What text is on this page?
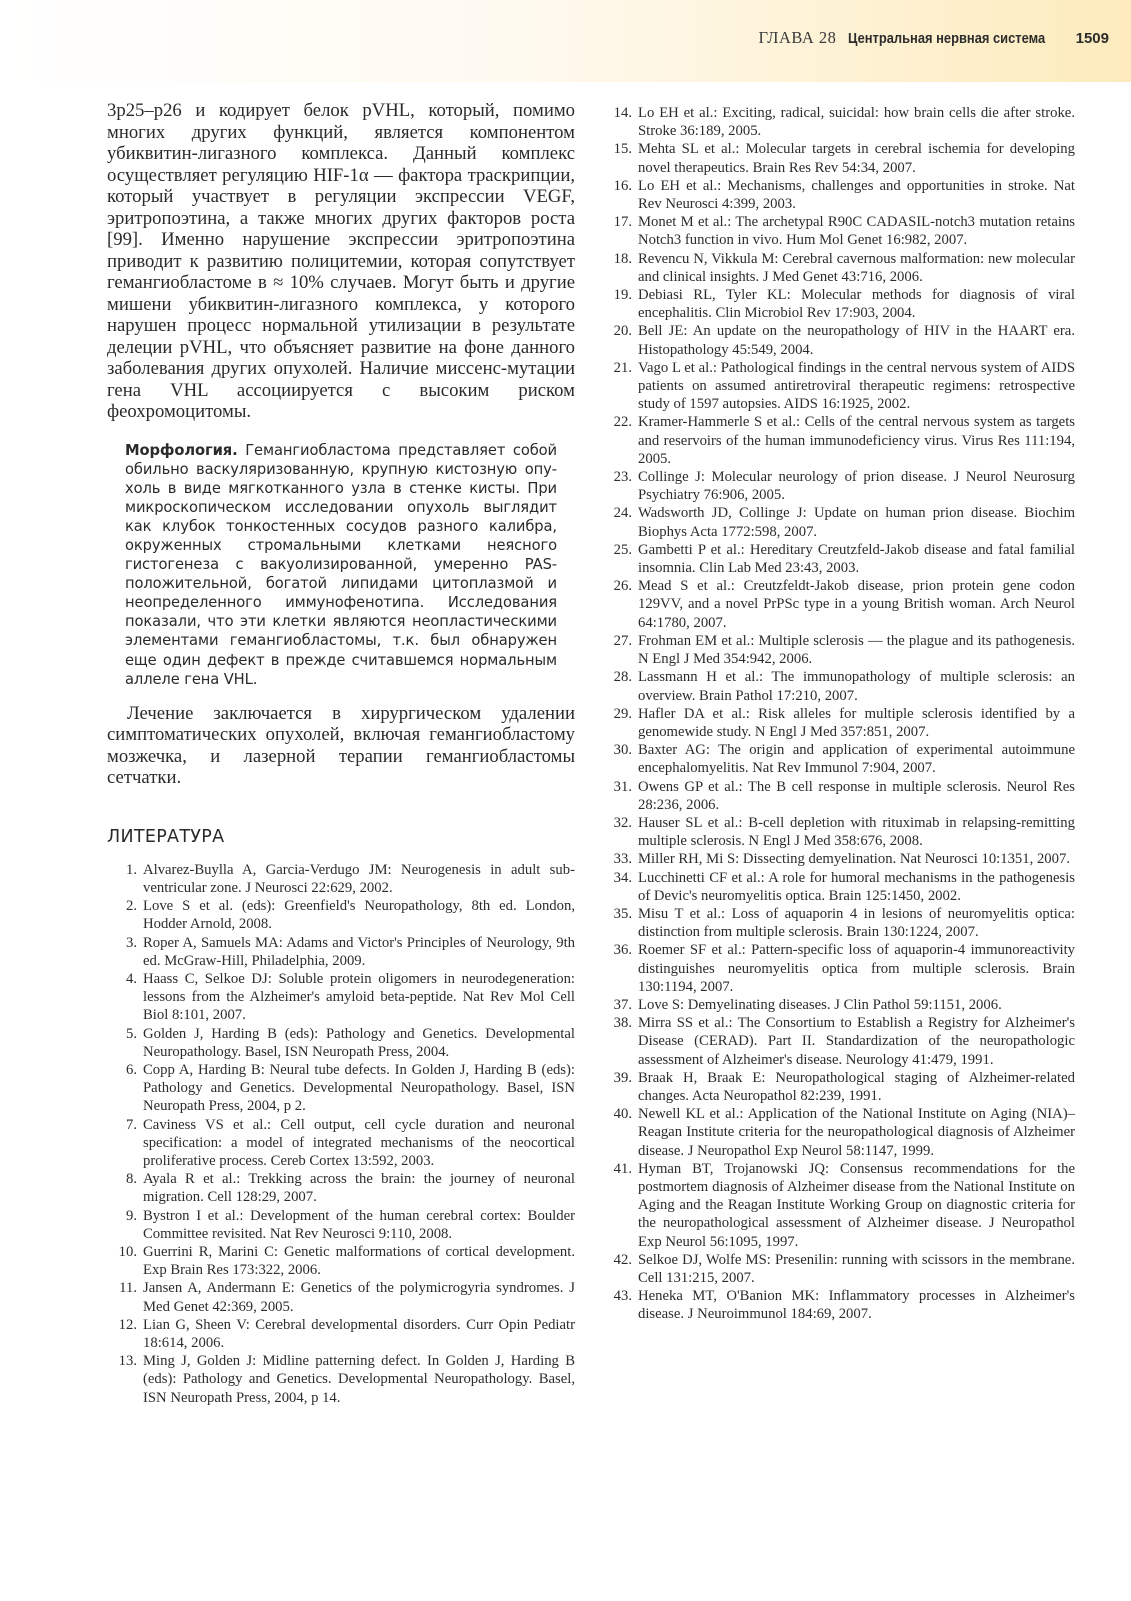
ГЛАВА 28 Центральная нервная система 1509

3p25–p26 и кодирует белок pVHL, который, помимо многих других функций, является компонентом убиквитин-лигазного комплекса. Данный комплекс осуществляет регуляцию HIF-1α — фактора траскрипции, который участвует в регуляции экспрессии VEGF, эритропоэтина, а также многих других факторов роста [99]. Именно нарушение экспрессии эритропоэтина приводит к развитию полицитемии, которая сопутствует гемангиобластоме в ≈ 10% случаев. Могут быть и другие мишени убиквитин-лигазного комплекса, у которого нарушен процесс нормальной утилизации в результате делеции pVHL, что объясняет развитие на фоне данного заболевания других опухолей. Наличие миссенс-мутации гена VHL ассоциируется с высоким риском феохромоцитомы.

Морфология. Гемангиобластома представляет собой обильно васкуляризованную, крупную кистозную опухоль в виде мягкотканного узла в стенке кисты. При микроскопическом исследовании опухоль выглядит как клубок тонкостенных сосудов разного калибра, окруженных стромальными клетками неясного гистогенеза с вакуолизированной, умеренно PAS-положительной, богатой липидами цитоплазмой и неопределенного иммунофенотипа. Исследования показали, что эти клетки являются неопластическими элементами гемангиобластомы, т.к. был обнаружен еще один дефект в прежде считавшемся нормальным аллеле гена VHL.

Лечение заключается в хирургическом удалении симптоматических опухолей, включая гемангиобластому мозжечка, и лазерной терапии гемангиобластомы сетчатки.

ЛИТЕРАТУРА
1. Alvarez-Buylla A, Garcia-Verdugo JM: Neurogenesis in adult subventricular zone. J Neurosci 22:629, 2002.
2. Love S et al. (eds): Greenfield's Neuropathology, 8th ed. London, Hodder Arnold, 2008.
3. Roper A, Samuels MA: Adams and Victor's Principles of Neurology, 9th ed. McGraw-Hill, Philadelphia, 2009.
4. Haass C, Selkoe DJ: Soluble protein oligomers in neurodegeneration: lessons from the Alzheimer's amyloid beta-peptide. Nat Rev Mol Cell Biol 8:101, 2007.
5. Golden J, Harding B (eds): Pathology and Genetics. Developmental Neuropathology. Basel, ISN Neuropath Press, 2004.
6. Copp A, Harding B: Neural tube defects. In Golden J, Harding B (eds): Pathology and Genetics. Developmental Neuropathology. Basel, ISN Neuropath Press, 2004, p 2.
7. Caviness VS et al.: Cell output, cell cycle duration and neuronal specification: a model of integrated mechanisms of the neocortical proliferative process. Cereb Cortex 13:592, 2003.
8. Ayala R et al.: Trekking across the brain: the journey of neuronal migration. Cell 128:29, 2007.
9. Bystron I et al.: Development of the human cerebral cortex: Boulder Committee revisited. Nat Rev Neurosci 9:110, 2008.
10. Guerrini R, Marini C: Genetic malformations of cortical development. Exp Brain Res 173:322, 2006.
11. Jansen A, Andermann E: Genetics of the polymicrogyria syndromes. J Med Genet 42:369, 2005.
12. Lian G, Sheen V: Cerebral developmental disorders. Curr Opin Pediatr 18:614, 2006.
13. Ming J, Golden J: Midline patterning defect. In Golden J, Harding B (eds): Pathology and Genetics. Developmental Neuropathology. Basel, ISN Neuropath Press, 2004, p 14.
14. Lo EH et al.: Exciting, radical, suicidal: how brain cells die after stroke. Stroke 36:189, 2005.
15. Mehta SL et al.: Molecular targets in cerebral ischemia for developing novel therapeutics. Brain Res Rev 54:34, 2007.
16. Lo EH et al.: Mechanisms, challenges and opportunities in stroke. Nat Rev Neurosci 4:399, 2003.
17. Monet M et al.: The archetypal R90C CADASIL-notch3 mutation retains Notch3 function in vivo. Hum Mol Genet 16:982, 2007.
18. Revencu N, Vikkula M: Cerebral cavernous malformation: new molecular and clinical insights. J Med Genet 43:716, 2006.
19. Debiasi RL, Tyler KL: Molecular methods for diagnosis of viral encephalitis. Clin Microbiol Rev 17:903, 2004.
20. Bell JE: An update on the neuropathology of HIV in the HAART era. Histopathology 45:549, 2004.
21. Vago L et al.: Pathological findings in the central nervous system of AIDS patients on assumed antiretroviral therapeutic regimens: retrospective study of 1597 autopsies. AIDS 16:1925, 2002.
22. Kramer-Hammerle S et al.: Cells of the central nervous system as targets and reservoirs of the human immunodeficiency virus. Virus Res 111:194, 2005.
23. Collinge J: Molecular neurology of prion disease. J Neurol Neurosurg Psychiatry 76:906, 2005.
24. Wadsworth JD, Collinge J: Update on human prion disease. Biochim Biophys Acta 1772:598, 2007.
25. Gambetti P et al.: Hereditary Creutzfeld-Jakob disease and fatal familial insomnia. Clin Lab Med 23:43, 2003.
26. Mead S et al.: Creutzfeldt-Jakob disease, prion protein gene codon 129VV, and a novel PrPSc type in a young British woman. Arch Neurol 64:1780, 2007.
27. Frohman EM et al.: Multiple sclerosis — the plague and its pathogenesis. N Engl J Med 354:942, 2006.
28. Lassmann H et al.: The immunopathology of multiple sclerosis: an overview. Brain Pathol 17:210, 2007.
29. Hafler DA et al.: Risk alleles for multiple sclerosis identified by a genomewide study. N Engl J Med 357:851, 2007.
30. Baxter AG: The origin and application of experimental autoimmune encephalomyelitis. Nat Rev Immunol 7:904, 2007.
31. Owens GP et al.: The B cell response in multiple sclerosis. Neurol Res 28:236, 2006.
32. Hauser SL et al.: B-cell depletion with rituximab in relapsing-remitting multiple sclerosis. N Engl J Med 358:676, 2008.
33. Miller RH, Mi S: Dissecting demyelination. Nat Neurosci 10:1351, 2007.
34. Lucchinetti CF et al.: A role for humoral mechanisms in the pathogenesis of Devic's neuromyelitis optica. Brain 125:1450, 2002.
35. Misu T et al.: Loss of aquaporin 4 in lesions of neuromyelitis optica: distinction from multiple sclerosis. Brain 130:1224, 2007.
36. Roemer SF et al.: Pattern-specific loss of aquaporin-4 immunoreactivity distinguishes neuromyelitis optica from multiple sclerosis. Brain 130:1194, 2007.
37. Love S: Demyelinating diseases. J Clin Pathol 59:1151, 2006.
38. Mirra SS et al.: The Consortium to Establish a Registry for Alzheimer's Disease (CERAD). Part II. Standardization of the neuropathologic assessment of Alzheimer's disease. Neurology 41:479, 1991.
39. Braak H, Braak E: Neuropathological staging of Alzheimer-related changes. Acta Neuropathol 82:239, 1991.
40. Newell KL et al.: Application of the National Institute on Aging (NIA)–Reagan Institute criteria for the neuropathological diagnosis of Alzheimer disease. J Neuropathol Exp Neurol 58:1147, 1999.
41. Hyman BT, Trojanowski JQ: Consensus recommendations for the postmortem diagnosis of Alzheimer disease from the National Institute on Aging and the Reagan Institute Working Group on diagnostic criteria for the neuropathological assessment of Alzheimer disease. J Neuropathol Exp Neurol 56:1095, 1997.
42. Selkoe DJ, Wolfe MS: Presenilin: running with scissors in the membrane. Cell 131:215, 2007.
43. Heneka MT, O'Banion MK: Inflammatory processes in Alzheimer's disease. J Neuroimmunol 184:69, 2007.
